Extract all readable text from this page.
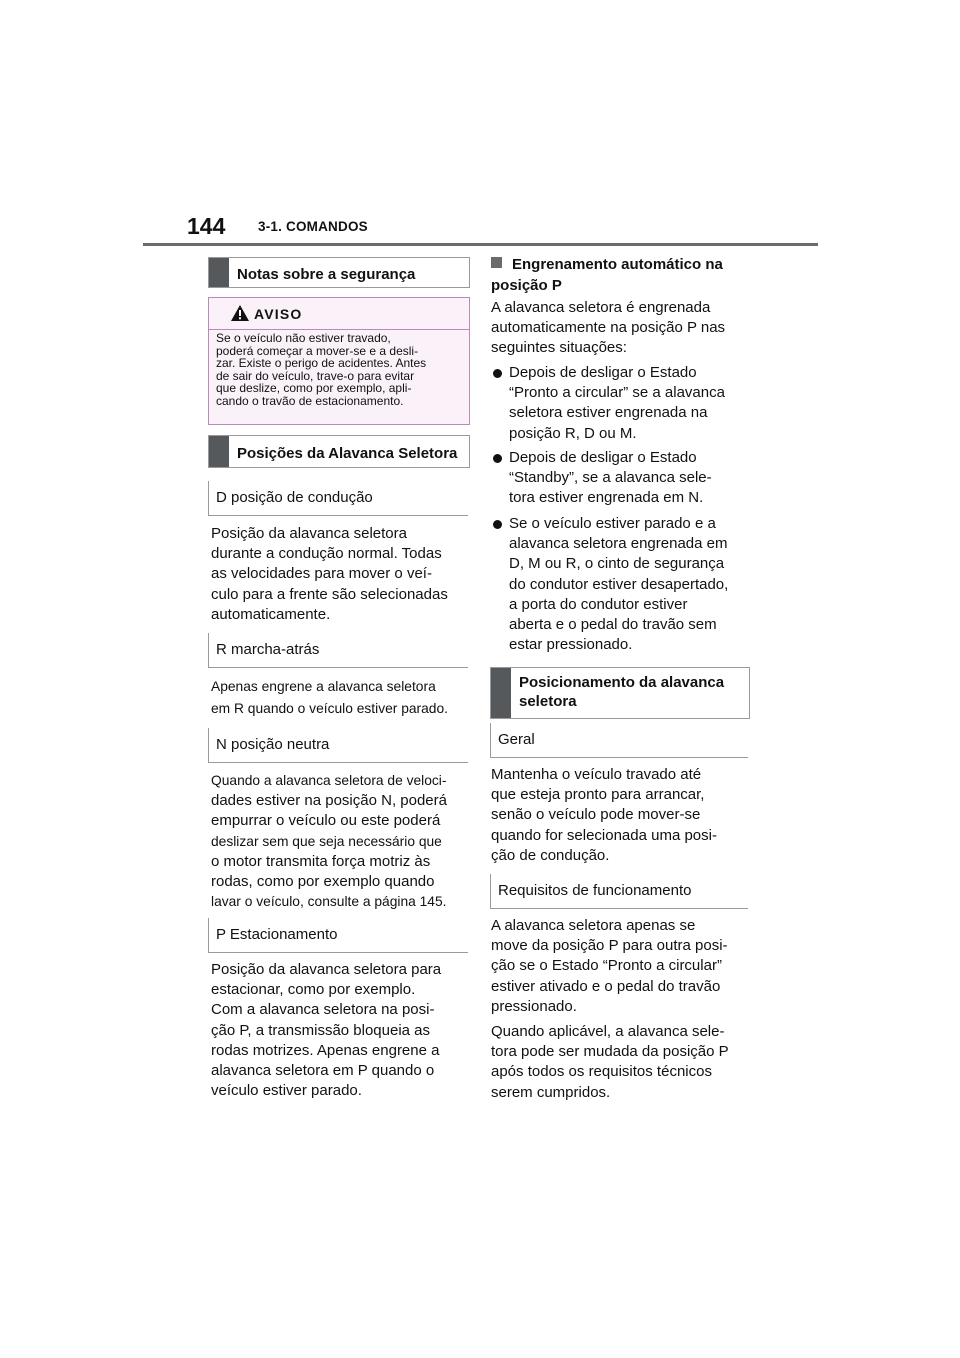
144 3-1. COMANDOS
Notas sobre a segurança
AVISO
Se o veículo não estiver travado,
poderá começar a mover-se e a desli-
zar. Existe o perigo de acidentes. Antes
de sair do veículo, trave-o para evitar
que deslize, como por exemplo, apli-
cando o travão de estacionamento.
Posições da Alavanca Seletora
D posição de condução
Posição da alavanca seletora
durante a condução normal. Todas
as velocidades para mover o veí-
culo para a frente são selecionadas
automaticamente.
R marcha-atrás
Apenas engrene a alavanca seletora
em R quando o veículo estiver parado.
N posição neutra
Quando a alavanca seletora de veloci-
dades estiver na posição N, poderá
empurrar o veículo ou este poderá
deslizar sem que seja necessário que
o motor transmita força motriz às
rodas, como por exemplo quando
lavar o veículo, consulte a página 145.
P Estacionamento
Posição da alavanca seletora para
estacionar, como por exemplo.
Com a alavanca seletora na posi-
ção P, a transmissão bloqueia as
rodas motrizes. Apenas engrene a
alavanca seletora em P quando o
veículo estiver parado.
Engrenamento automático na
posição P
A alavanca seletora é engrenada
automaticamente na posição P nas
seguintes situações:
Depois de desligar o Estado
“Pronto a circular” se a alavanca
seletora estiver engrenada na
posição R, D ou M.
Depois de desligar o Estado
“Standby”, se a alavanca sele-
tora estiver engrenada em N.
Se o veículo estiver parado e a
alavanca seletora engrenada em
D, M ou R, o cinto de segurança
do condutor estiver desapertado,
a porta do condutor estiver
aberta e o pedal do travão sem
estar pressionado.
Posicionamento da alavanca
seletora
Geral
Mantenha o veículo travado até
que esteja pronto para arrancar,
senão o veículo pode mover-se
quando for selecionada uma posi-
ção de condução.
Requisitos de funcionamento
A alavanca seletora apenas se
move da posição P para outra posi-
ção se o Estado “Pronto a circular”
estiver ativado e o pedal do travão
pressionado.
Quando aplicável, a alavanca sele-
tora pode ser mudada da posição P
após todos os requisitos técnicos
serem cumpridos.
